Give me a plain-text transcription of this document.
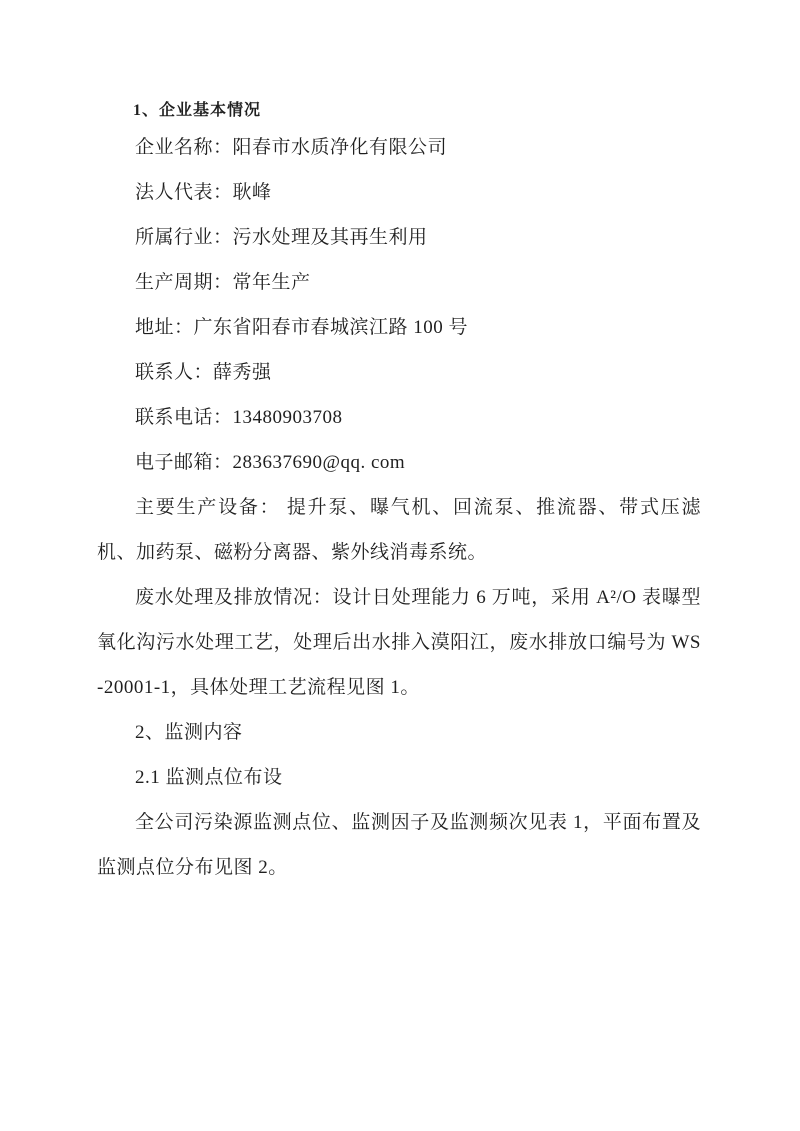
1、企业基本情况

企业名称：阳春市水质净化有限公司

法人代表：耿峰

所属行业：污水处理及其再生利用

生产周期：常年生产

地址：广东省阳春市春城滨江路 100 号

联系人：薛秀强

联系电话：13480903708

电子邮箱：283637690@qq. com

主要生产设备： 提升泵、曝气机、回流泵、推流器、带式压滤机、加药泵、磁粉分离器、紫外线消毒系统。

废水处理及排放情况：设计日处理能力 6 万吨，采用 A²/O 表曝型氧化沟污水处理工艺，处理后出水排入漠阳江，废水排放口编号为 WS-20001-1，具体处理工艺流程见图 1。

2、监测内容

2.1 监测点位布设

全公司污染源监测点位、监测因子及监测频次见表 1，平面布置及监测点位分布见图 2。
